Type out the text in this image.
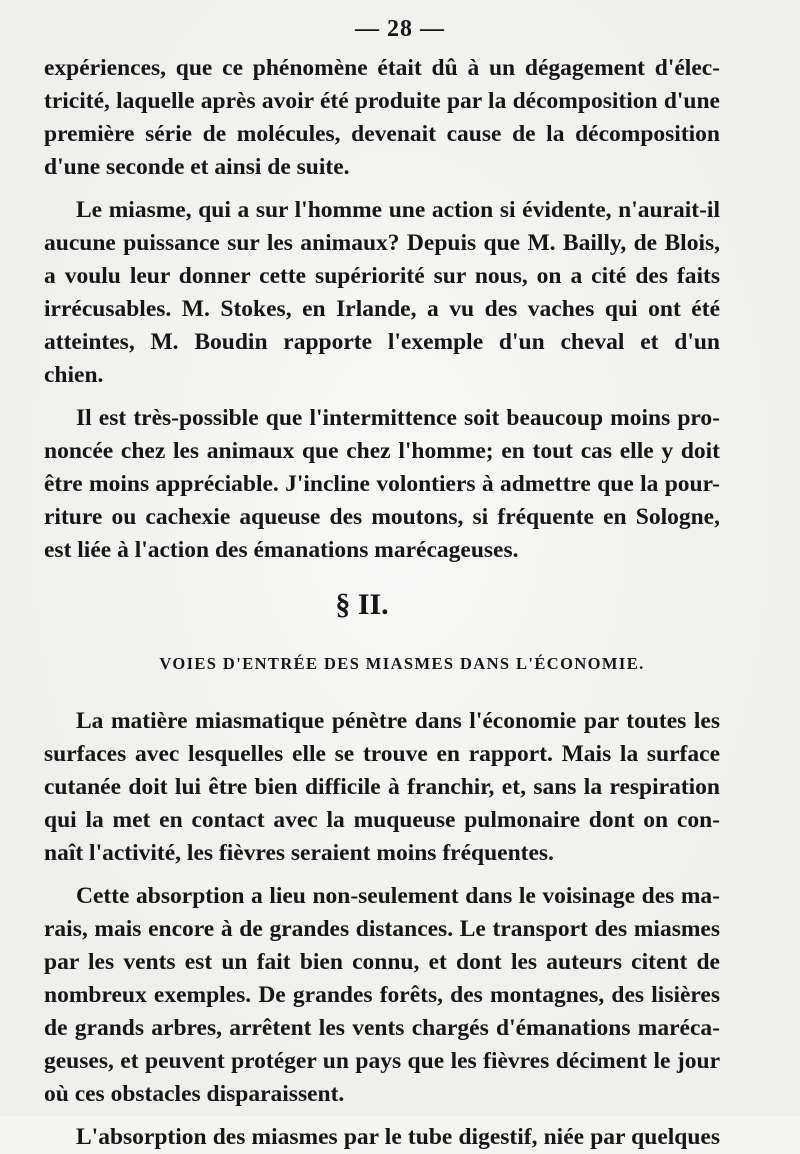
— 28 —
expériences, que ce phénomène était dû à un dégagement d'élec-
tricité, laquelle après avoir été produite par la décomposition d'une
première série de molécules, devenait cause de la décomposition
d'une seconde et ainsi de suite.
Le miasme, qui a sur l'homme une action si évidente, n'aurait-il
aucune puissance sur les animaux? Depuis que M. Bailly, de Blois,
a voulu leur donner cette supériorité sur nous, on a cité des faits
irrécusables. M. Stokes, en Irlande, a vu des vaches qui ont été
atteintes, M. Boudin rapporte l'exemple d'un cheval et d'un
chien.
Il est très-possible que l'intermittence soit beaucoup moins pro-
noncée chez les animaux que chez l'homme; en tout cas elle y doit
être moins appréciable. J'incline volontiers à admettre que la pour-
riture ou cachexie aqueuse des moutons, si fréquente en Sologne,
est liée à l'action des émanations marécageuses.
§ II.
VOIES D'ENTRÉE DES MIASMES DANS L'ÉCONOMIE.
La matière miasmatique pénètre dans l'économie par toutes les
surfaces avec lesquelles elle se trouve en rapport. Mais la surface
cutanée doit lui être bien difficile à franchir, et, sans la respiration
qui la met en contact avec la muqueuse pulmonaire dont on con-
naît l'activité, les fièvres seraient moins fréquentes.
Cette absorption a lieu non-seulement dans le voisinage des ma-
rais, mais encore à de grandes distances. Le transport des miasmes
par les vents est un fait bien connu, et dont les auteurs citent de
nombreux exemples. De grandes forêts, des montagnes, des lisières
de grands arbres, arrêtent les vents chargés d'émanations maréca-
geuses, et peuvent protéger un pays que les fièvres déciment le jour
où ces obstacles disparaissent.
L'absorption des miasmes par le tube digestif, niée par quelques
